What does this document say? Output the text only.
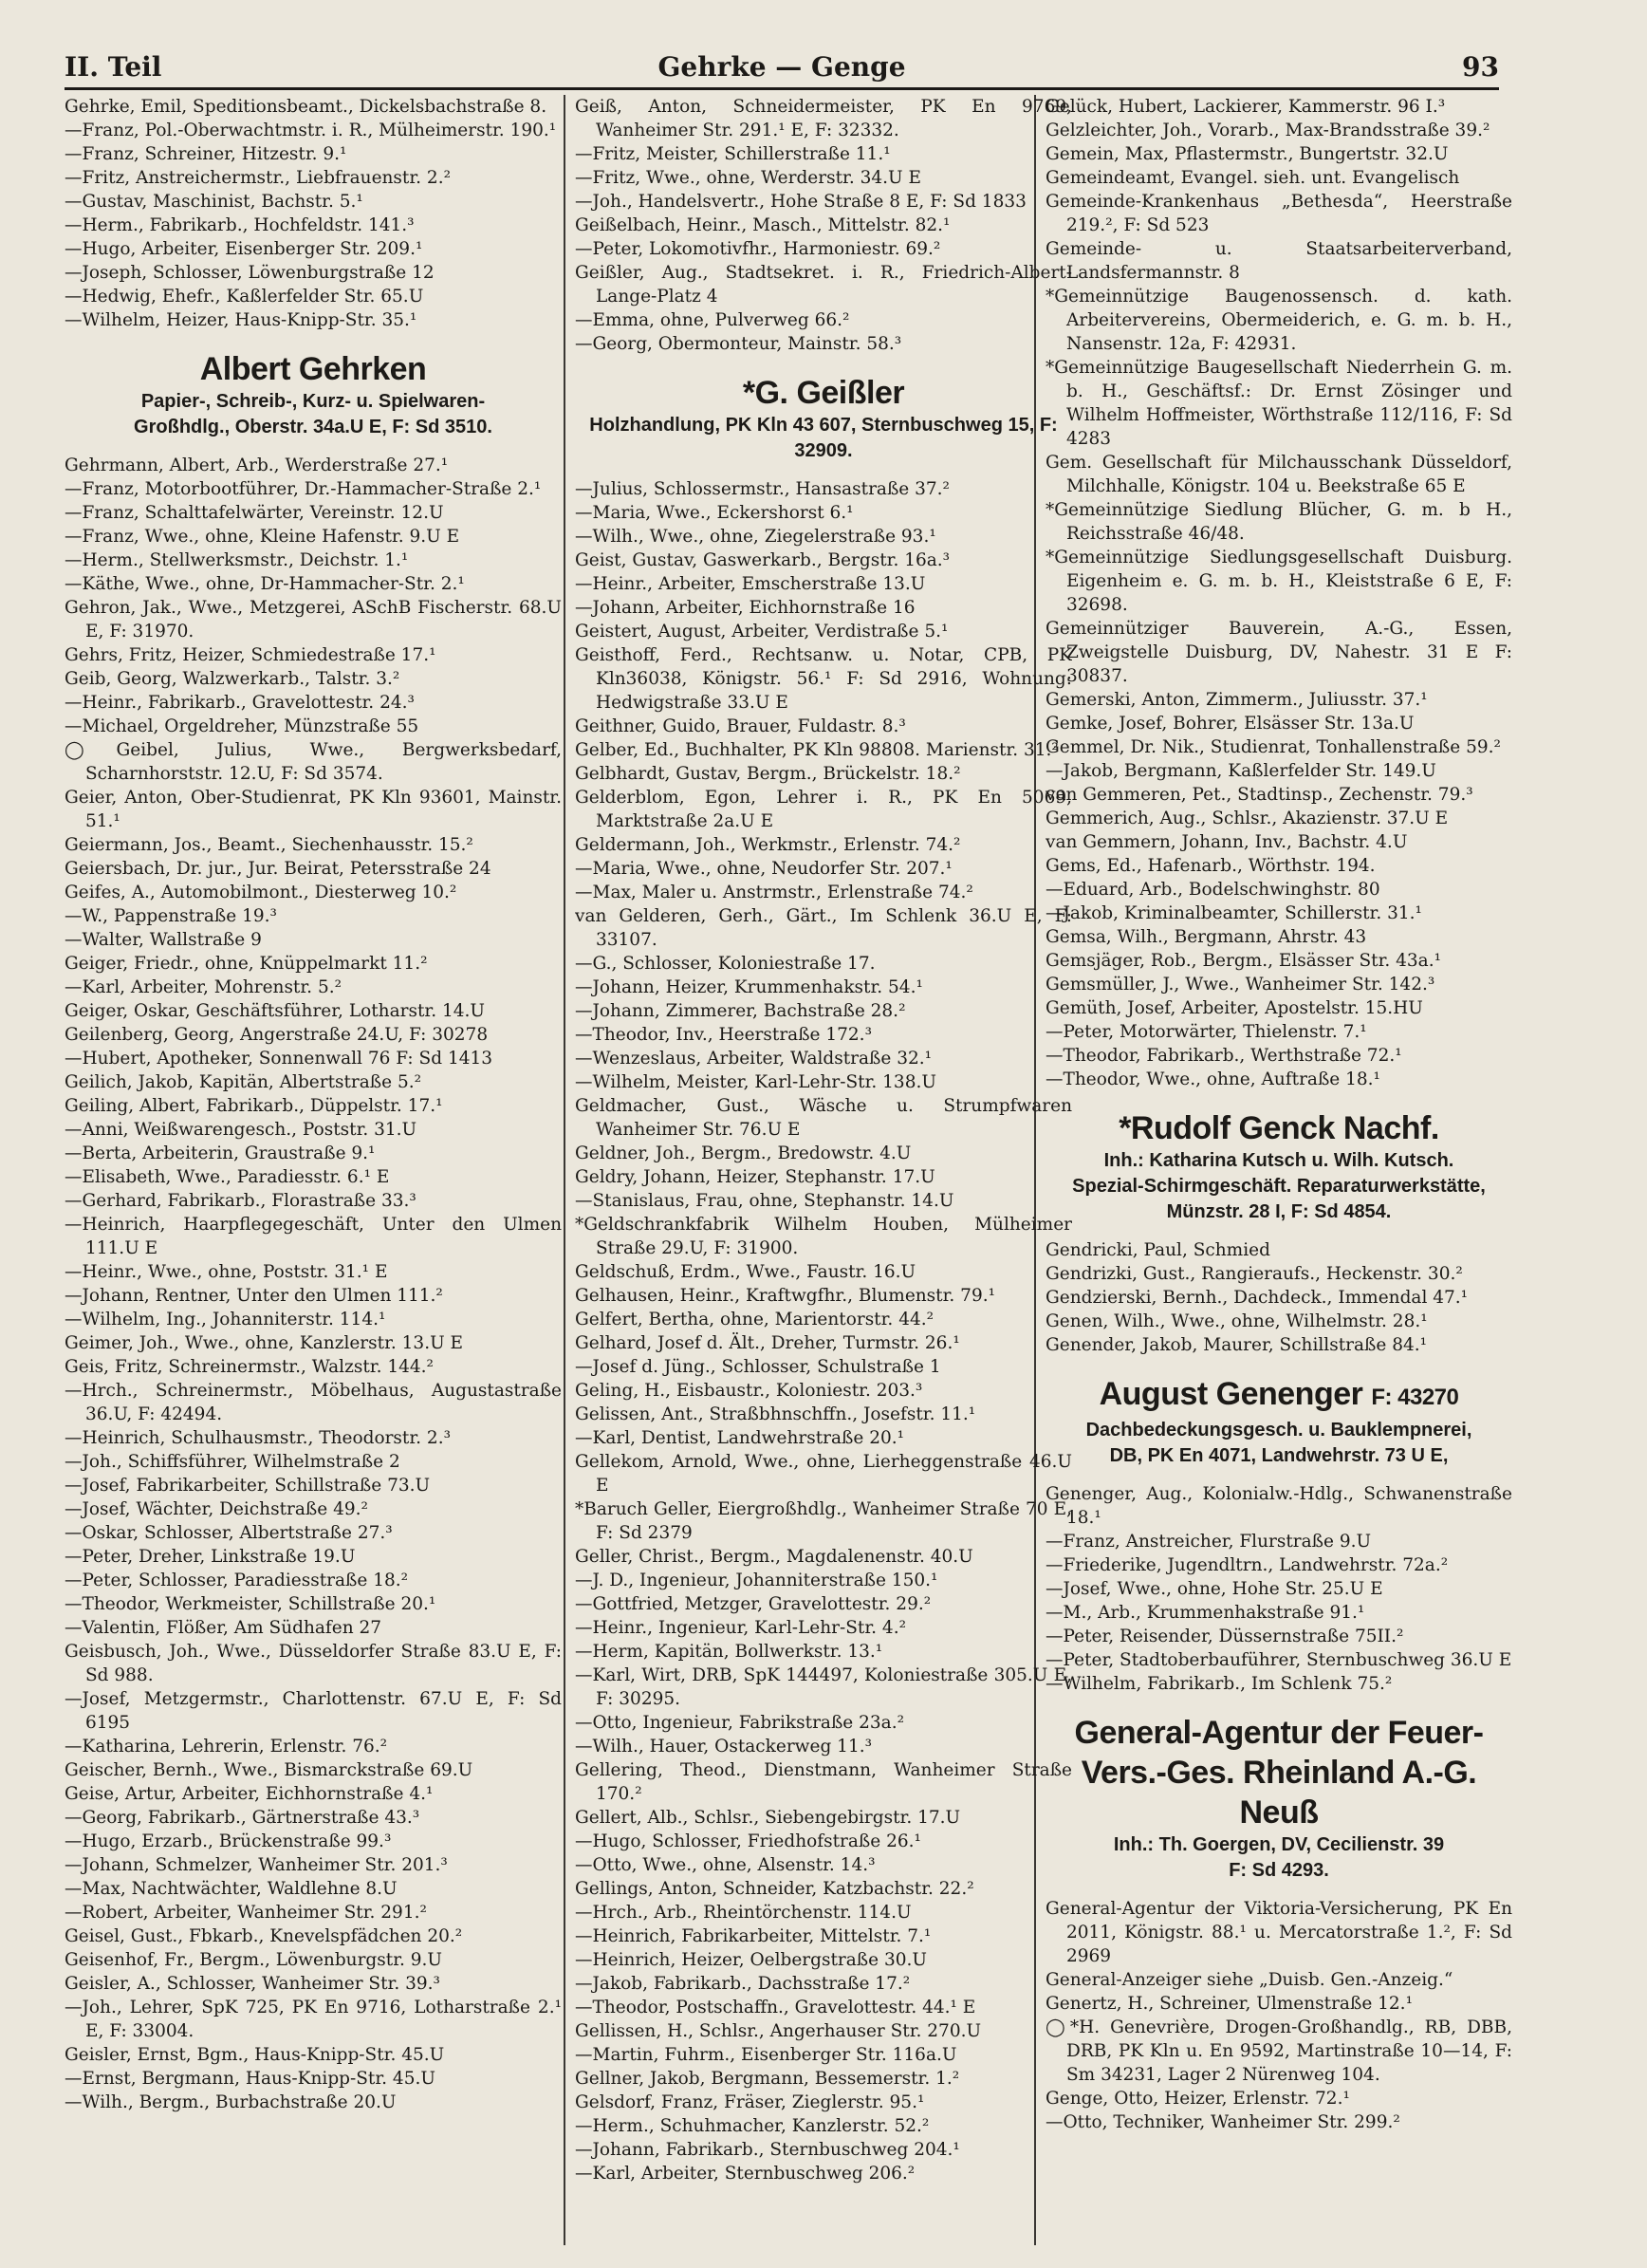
II. Teil	Gehrke — Genge	93

Gehrke, Emil, Speditionsbeamt., Dickelsbachstraße 8.

—Franz, Pol.-Oberwachtmstr. i. R., Mülheimerstr. 190.¹

—Franz, Schreiner, Hitzestr. 9.¹

—Fritz, Anstreichermstr., Liebfrauenstr. 2.²

—Gustav, Maschinist, Bachstr. 5.¹

—Herm., Fabrikarb., Hochfeldstr. 141.³

—Hugo, Arbeiter, Eisenberger Str. 209.¹

—Joseph, Schlosser, Löwenburgstraße 12

—Hedwig, Ehefr., Kaßlerfelder Str. 65.U

—Wilhelm, Heizer, Haus-Knipp-Str. 35.¹

Albert Gehrken
Papier-, Schreib-, Kurz- u. Spielwaren-
Großhdlg., Oberstr. 34a.U E, F: Sd 3510.

Gehrmann, Albert, Arb., Werderstraße 27.¹

—Franz, Motorbootführer, Dr.-Hammacher-Straße 2.¹

—Franz, Schalttafelwärter, Vereinstr. 12.U

—Franz, Wwe., ohne, Kleine Hafenstr. 9.U E

—Herm., Stellwerksmstr., Deichstr. 1.¹

—Käthe, Wwe., ohne, Dr-Hammacher-Str. 2.¹

Gehron, Jak., Wwe., Metzgerei, ASchB Fischerstr. 68.U E, F: 31970.

Gehrs, Fritz, Heizer, Schmiedestraße 17.¹

Geib, Georg, Walzwerkarb., Talstr. 3.²

—Heinr., Fabrikarb., Gravelottestr. 24.³

—Michael, Orgeldreher, Münzstraße 55

◯Geibel, Julius, Wwe., Bergwerksbedarf, Scharnhorststr. 12.U, F: Sd 3574.

Geier, Anton, Ober-Studienrat, PK Kln 93601, Mainstr. 51.¹

Geiermann, Jos., Beamt., Siechenhausstr. 15.²

Geiersbach, Dr. jur., Jur. Beirat, Petersstraße 24

Geifes, A., Automobilmont., Diesterweg 10.²

—W., Pappenstraße 19.³

—Walter, Wallstraße 9

Geiger, Friedr., ohne, Knüppelmarkt 11.²

—Karl, Arbeiter, Mohrenstr. 5.²

Geiger, Oskar, Geschäftsführer, Lotharstr. 14.U

Geilenberg, Georg, Angerstraße 24.U, F: 30278

—Hubert, Apotheker, Sonnenwall 76 F: Sd 1413

Geilich, Jakob, Kapitän, Albertstraße 5.²

Geiling, Albert, Fabrikarb., Düppelstr. 17.¹

—Anni, Weißwarengesch., Poststr. 31.U

—Berta, Arbeiterin, Graustraße 9.¹

—Elisabeth, Wwe., Paradiesstr. 6.¹ E

—Gerhard, Fabrikarb., Florastraße 33.³

—Heinrich, Haarpflegegeschäft, Unter den Ulmen 111.U E

—Heinr., Wwe., ohne, Poststr. 31.¹ E

—Johann, Rentner, Unter den Ulmen 111.²

—Wilhelm, Ing., Johanniterstr. 114.¹

Geimer, Joh., Wwe., ohne, Kanzlerstr. 13.U E

Geis, Fritz, Schreinermstr., Walzstr. 144.²

—Hrch., Schreinermstr., Möbelhaus, Augustastraße 36.U, F: 42494.

—Heinrich, Schulhausmstr., Theodorstr. 2.³

—Joh., Schiffsführer, Wilhelmstraße 2

—Josef, Fabrikarbeiter, Schillstraße 73.U

—Josef, Wächter, Deichstraße 49.²

—Oskar, Schlosser, Albertstraße 27.³

—Peter, Dreher, Linkstraße 19.U

—Peter, Schlosser, Paradiesstraße 18.²

—Theodor, Werkmeister, Schillstraße 20.¹

—Valentin, Flößer, Am Südhafen 27

Geisbusch, Joh., Wwe., Düsseldorfer Straße 83.U E, F: Sd 988.

—Josef, Metzgermstr., Charlottenstr. 67.U E, F: Sd 6195

—Katharina, Lehrerin, Erlenstr. 76.²

Geischer, Bernh., Wwe., Bismarckstraße 69.U

Geise, Artur, Arbeiter, Eichhornstraße 4.¹

—Georg, Fabrikarb., Gärtnerstraße 43.³

—Hugo, Erzarb., Brückenstraße 99.³

—Johann, Schmelzer, Wanheimer Str. 201.³

—Max, Nachtwächter, Waldlehne 8.U

—Robert, Arbeiter, Wanheimer Str. 291.²

Geisel, Gust., Fbkarb., Knevelspfädchen 20.²

Geisenhof, Fr., Bergm., Löwenburgstr. 9.U

Geisler, A., Schlosser, Wanheimer Str. 39.³

—Joh., Lehrer, SpK 725, PK En 9716, Lotharstraße 2.¹ E, F: 33004.

Geisler, Ernst, Bgm., Haus-Knipp-Str. 45.U

—Ernst, Bergmann, Haus-Knipp-Str. 45.U

—Wilh., Bergm., Burbachstraße 20.U

Geiß, Anton, Schneidermeister, PK En 9769, Wanheimer Str. 291.¹ E, F: 32332.

—Fritz, Meister, Schillerstraße 11.¹

—Fritz, Wwe., ohne, Werderstr. 34.U E

—Joh., Handelsvertr., Hohe Straße 8 E, F: Sd 1833

Geißelbach, Heinr., Masch., Mittelstr. 82.¹

—Peter, Lokomotivfhr., Harmoniestr. 69.²

Geißler, Aug., Stadtsekret. i. R., Friedrich-Albert-Lange-Platz 4

—Emma, ohne, Pulverweg 66.²

—Georg, Obermonteur, Mainstr. 58.³

*G. Geißler
Holzhandlung, PK Kln 43 607, Sternbuschweg 15, F: 32909.

—Julius, Schlossermstr., Hansastraße 37.²

—Maria, Wwe., Eckershorst 6.¹

—Wilh., Wwe., ohne, Ziegelerstraße 93.¹

Geist, Gustav, Gaswerkarb., Bergstr. 16a.³

—Heinr., Arbeiter, Emscherstraße 13.U

—Johann, Arbeiter, Eichhornstraße 16

Geistert, August, Arbeiter, Verdistraße 5.¹

Geisthoff, Ferd., Rechtsanw. u. Notar, CPB, PK Kln36038, Königstr. 56.¹ F: Sd 2916, Wohnung: Hedwigstraße 33.U E

Geithner, Guido, Brauer, Fuldastr. 8.³

Gelber, Ed., Buchhalter, PK Kln 98808. Marienstr. 31.²

Gelbhardt, Gustav, Bergm., Brückelstr. 18.²

Gelderblom, Egon, Lehrer i. R., PK En 5069, Marktstraße 2a.U E

Geldermann, Joh., Werkmstr., Erlenstr. 74.²

—Maria, Wwe., ohne, Neudorfer Str. 207.¹

—Max, Maler u. Anstrmstr., Erlenstraße 74.²

van Gelderen, Gerh., Gärt., Im Schlenk 36.U E, F: 33107.

—G., Schlosser, Koloniestraße 17.

—Johann, Heizer, Krummenhakstr. 54.¹

—Johann, Zimmerer, Bachstraße 28.²

—Theodor, Inv., Heerstraße 172.³

—Wenzeslaus, Arbeiter, Waldstraße 32.¹

—Wilhelm, Meister, Karl-Lehr-Str. 138.U

Geldmacher, Gust., Wäsche u. Strumpfwaren Wanheimer Str. 76.U E

Geldner, Joh., Bergm., Bredowstr. 4.U

Geldry, Johann, Heizer, Stephanstr. 17.U

—Stanislaus, Frau, ohne, Stephanstr. 14.U

*Geldschrankfabrik Wilhelm Houben, Mülheimer Straße 29.U, F: 31900.

Geldschuß, Erdm., Wwe., Faustr. 16.U

Gelhausen, Heinr., Kraftwgfhr., Blumenstr. 79.¹

Gelfert, Bertha, ohne, Marientorstr. 44.²

Gelhard, Josef d. Ält., Dreher, Turmstr. 26.¹

—Josef d. Jüng., Schlosser, Schulstraße 1

Geling, H., Eisbaustr., Koloniestr. 203.³

Gelissen, Ant., Straßbhnschffn., Josefstr. 11.¹

—Karl, Dentist, Landwehrstraße 20.¹

Gellekom, Arnold, Wwe., ohne, Lierheggenstraße 46.U E

*Baruch Geller, Eiergroßhdlg., Wanheimer Straße 70 E, F: Sd 2379

Geller, Christ., Bergm., Magdalenenstr. 40.U

—J. D., Ingenieur, Johanniterstraße 150.¹

—Gottfried, Metzger, Gravelottestr. 29.²

—Heinr., Ingenieur, Karl-Lehr-Str. 4.²

—Herm, Kapitän, Bollwerkstr. 13.¹

—Karl, Wirt, DRB, SpK 144497, Koloniestraße 305.U E, F: 30295.

—Otto, Ingenieur, Fabrikstraße 23a.²

—Wilh., Hauer, Ostackerweg 11.³

Gellering, Theod., Dienstmann, Wanheimer Straße 170.²

Gellert, Alb., Schlsr., Siebengebirgstr. 17.U

—Hugo, Schlosser, Friedhofstraße 26.¹

—Otto, Wwe., ohne, Alsenstr. 14.³

Gellings, Anton, Schneider, Katzbachstr. 22.²

—Hrch., Arb., Rheintörchenstr. 114.U

—Heinrich, Fabrikarbeiter, Mittelstr. 7.¹

—Heinrich, Heizer, Oelbergstraße 30.U

—Jakob, Fabrikarb., Dachsstraße 17.²

—Theodor, Postschaffn., Gravelottestr. 44.¹ E

Gellissen, H., Schlsr., Angerhauser Str. 270.U

—Martin, Fuhrm., Eisenberger Str. 116a.U

Gellner, Jakob, Bergmann, Bessemerstr. 1.²

Gelsdorf, Franz, Fräser, Zieglerstr. 95.¹

—Herm., Schuhmacher, Kanzlerstr. 52.²

—Johann, Fabrikarb., Sternbuschweg 204.¹

—Karl, Arbeiter, Sternbuschweg 206.²

Gelück, Hubert, Lackierer, Kammerstr. 96 I.³

Gelzleichter, Joh., Vorarb., Max-Brandsstraße 39.²

Gemein, Max, Pflastermstr., Bungertstr. 32.U

Gemeindeamt, Evangel. sieh. unt. Evangelisch

Gemeinde-Krankenhaus „Bethesda“, Heerstraße 219.², F: Sd 523

Gemeinde- u. Staatsarbeiterverband, Landsfermannstr. 8

*Gemeinnützige Baugenossensch. d. kath. Arbeitervereins, Obermeiderich, e. G. m. b. H., Nansenstr. 12a, F: 42931.

*Gemeinnützige Baugesellschaft Niederrhein G. m. b. H., Geschäftsf.: Dr. Ernst Zösinger und Wilhelm Hoffmeister, Wörthstraße 112/116, F: Sd 4283

Gem. Gesellschaft für Milchausschank Düsseldorf, Milchhalle, Königstr. 104 u. Beekstraße 65 E

*Gemeinnützige Siedlung Blücher, G. m. b H., Reichsstraße 46/48.

*Gemeinnützige Siedlungsgesellschaft Duisburg. Eigenheim e. G. m. b. H., Kleiststraße 6 E, F: 32698.

Gemeinnütziger Bauverein, A.-G., Essen, Zweigstelle Duisburg, DV, Nahestr. 31 E F: 30837.

Gemerski, Anton, Zimmerm., Juliusstr. 37.¹

Gemke, Josef, Bohrer, Elsässer Str. 13a.U

Gemmel, Dr. Nik., Studienrat, Tonhallenstraße 59.²

—Jakob, Bergmann, Kaßlerfelder Str. 149.U

van Gemmeren, Pet., Stadtinsp., Zechenstr. 79.³

Gemmerich, Aug., Schlsr., Akazienstr. 37.U E

van Gemmern, Johann, Inv., Bachstr. 4.U

Gems, Ed., Hafenarb., Wörthstr. 194.

—Eduard, Arb., Bodelschwinghstr. 80

—Jakob, Kriminalbeamter, Schillerstr. 31.¹

Gemsa, Wilh., Bergmann, Ahrstr. 43

Gemsjäger, Rob., Bergm., Elsässer Str. 43a.¹

Gemsmüller, J., Wwe., Wanheimer Str. 142.³

Gemüth, Josef, Arbeiter, Apostelstr. 15.HU

—Peter, Motorwärter, Thielenstr. 7.¹

—Theodor, Fabrikarb., Werthstraße 72.¹

—Theodor, Wwe., ohne, Auftraße 18.¹

*Rudolf Genck Nachf.
Inh.: Katharina Kutsch u. Wilh. Kutsch.
Spezial-Schirmgeschäft. Reparaturwerkstätte, Münzstr. 28 I, F: Sd 4854.

Gendricki, Paul, Schmied

Gendrizki, Gust., Rangieraufs., Heckenstr. 30.²

Gendzierski, Bernh., Dachdeck., Immendal 47.¹

Genen, Wilh., Wwe., ohne, Wilhelmstr. 28.¹

Genender, Jakob, Maurer, Schillstraße 84.¹

August Genenger F: 43270
Dachbedeckungsgesch. u. Bauklempnerei,
DB, PK En 4071, Landwehrstr. 73 U E,

Genenger, Aug., Kolonialw.-Hdlg., Schwanenstraße 18.¹

—Franz, Anstreicher, Flurstraße 9.U

—Friederike, Jugendltrn., Landwehrstr. 72a.²

—Josef, Wwe., ohne, Hohe Str. 25.U E

—M., Arb., Krummenhakstraße 91.¹

—Peter, Reisender, Düssernstraße 75II.²

—Peter, Stadtoberbauführer, Sternbuschweg 36.U E

—Wilhelm, Fabrikarb., Im Schlenk 75.²

General-Agentur der Feuer-Vers.-Ges. Rheinland A.-G. Neuß
Inh.: Th. Goergen, DV, Cecilienstr. 39
F: Sd 4293.

General-Agentur der Viktoria-Versicherung, PK En 2011, Königstr. 88.¹ u. Mercatorstraße 1.², F: Sd 2969

General-Anzeiger siehe „Duisb. Gen.-Anzeig.“

Genertz, H., Schreiner, Ulmenstraße 12.¹

◯*H. Genevrière, Drogen-Großhandlg., RB, DBB, DRB, PK Kln u. En 9592, Martinstraße 10—14, F: Sm 34231, Lager 2 Nürenweg 104.

Genge, Otto, Heizer, Erlenstr. 72.¹

—Otto, Techniker, Wanheimer Str. 299.²
